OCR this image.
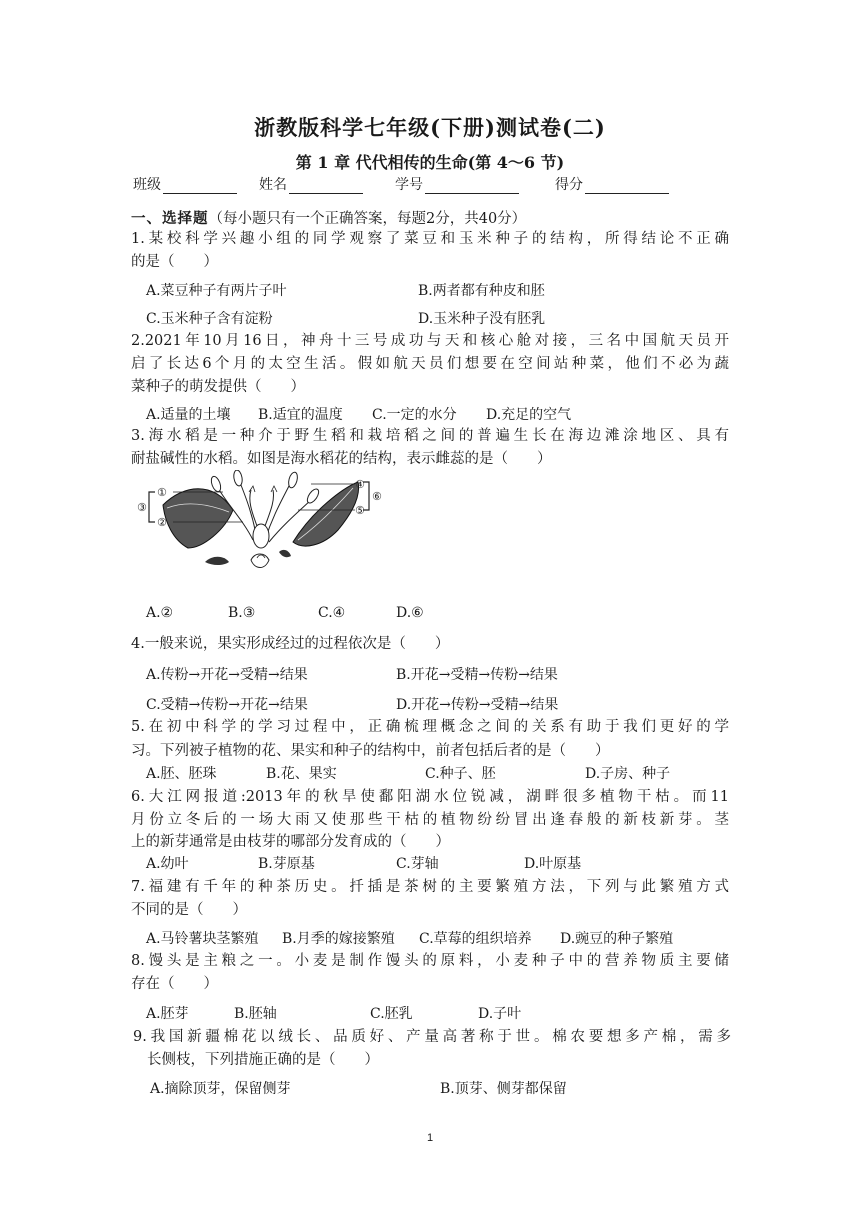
浙教版科学七年级(下册)测试卷(二)
第 1 章 代代相传的生命(第 4～6 节)
班级	姓名	学号	得分
一、选择题（每小题只有一个正确答案，每题2分，共40分）
1.某校科学兴趣小组的同学观察了菜豆和玉米种子的结构，所得结论不正确
的是（　　）
A.菜豆种子有两片子叶	B.两者都有种皮和胚
C.玉米种子含有淀粉	D.玉米种子没有胚乳
2.2021年10月16日，神舟十三号成功与天和核心舱对接，三名中国航天员开
启了长达6个月的太空生活。假如航天员们想要在空间站种菜，他们不必为蔬
菜种子的萌发提供（　　）
A.适量的土壤 B.适宜的温度 C.一定的水分 D.充足的空气
3.海水稻是一种介于野生稻和栽培稻之间的普遍生长在海边滩涂地区、具有
耐盐碱性的水稻。如图是海水稻花的结构，表示雌蕊的是（　　）
①
②
③
④
⑤
⑥
A.②	B.③	C.④	D.⑥
4.一般来说，果实形成经过的过程依次是（　　）
A.传粉→开花→受精→结果	B.开花→受精→传粉→结果
C.受精→传粉→开花→结果	D.开花→传粉→受精→结果
5.在初中科学的学习过程中，正确梳理概念之间的关系有助于我们更好的学
习。下列被子植物的花、果实和种子的结构中，前者包括后者的是（　　）
A.胚、胚珠	B.花、果实	C.种子、胚	D.子房、种子
6.大江网报道:2013年的秋旱使鄱阳湖水位锐减，湖畔很多植物干枯。而11
月份立冬后的一场大雨又使那些干枯的植物纷纷冒出逢春般的新枝新芽。茎
上的新芽通常是由枝芽的哪部分发育成的（　　）
A.幼叶	B.芽原基	C.芽轴	D.叶原基
7.福建有千年的种茶历史。扦插是茶树的主要繁殖方法，下列与此繁殖方式
不同的是（　　）
A.马铃薯块茎繁殖 B.月季的嫁接繁殖 C.草莓的组织培养 D.豌豆的种子繁殖
8.馒头是主粮之一。小麦是制作馒头的原料，小麦种子中的营养物质主要储
存在（　　）
A.胚芽	B.胚轴	C.胚乳	D.子叶
9.我国新疆棉花以绒长、品质好、产量高著称于世。棉农要想多产棉，需多
长侧枝，下列措施正确的是（　　）
A.摘除顶芽，保留侧芽	B.顶芽、侧芽都保留
1
